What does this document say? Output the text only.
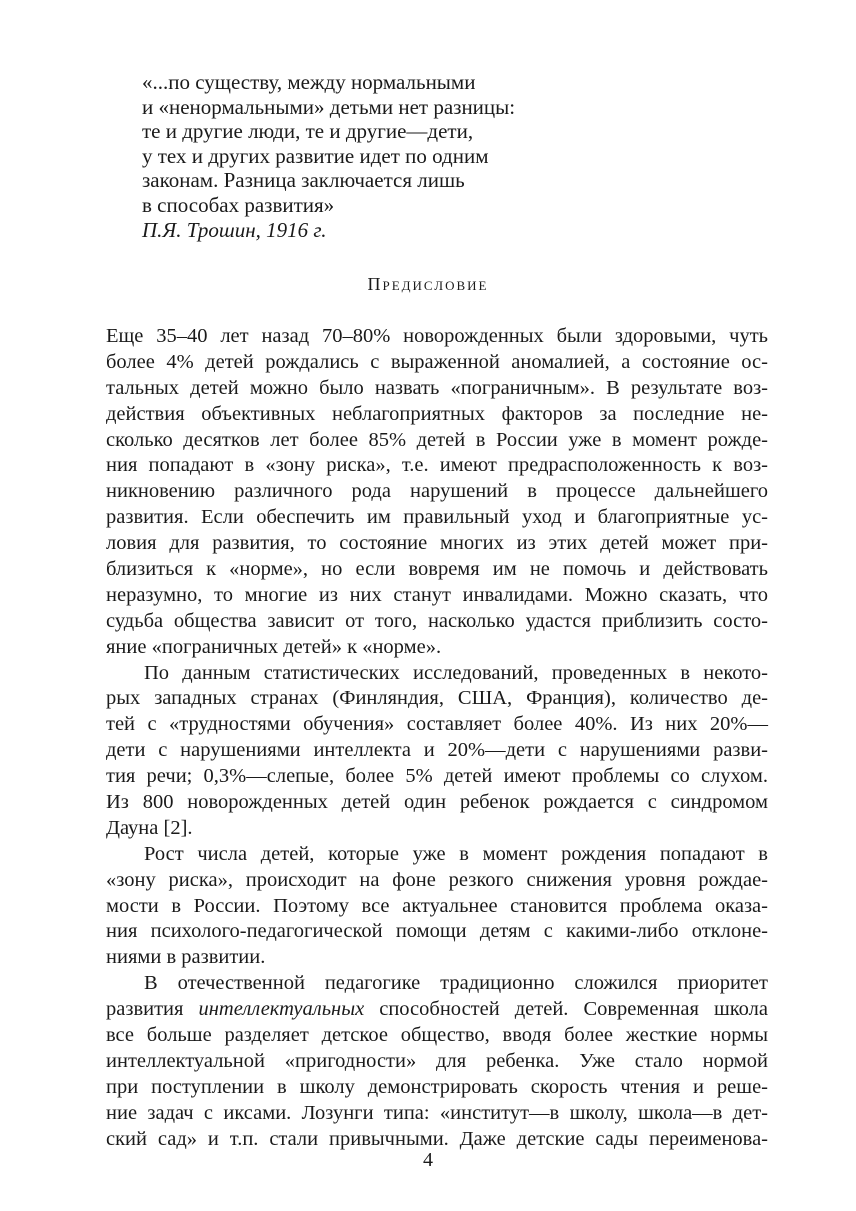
«...по существу, между нормальными
и «ненормальными» детьми нет разницы:
те и другие люди, те и другие—дети,
у тех и других развитие идет по одним
законам. Разница заключается лишь
в способах развития»
П.Я. Трошин, 1916 г.
Предисловие
Еще 35–40 лет назад 70–80% новорожденных были здоровыми, чуть
более 4% детей рождались с выраженной аномалией, а состояние ос-
тальных детей можно было назвать «пограничным». В результате воз-
действия объективных неблагоприятных факторов за последние не-
сколько десятков лет более 85% детей в России уже в момент рожде-
ния попадают в «зону риска», т.е. имеют предрасположенность к воз-
никновению различного рода нарушений в процессе дальнейшего
развития. Если обеспечить им правильный уход и благоприятные ус-
ловия для развития, то состояние многих из этих детей может при-
близиться к «норме», но если вовремя им не помочь и действовать
неразумно, то многие из них станут инвалидами. Можно сказать, что
судьба общества зависит от того, насколько удастся приблизить состо-
яние «пограничных детей» к «норме».
По данным статистических исследований, проведенных в некото-
рых западных странах (Финляндия, США, Франция), количество де-
тей с «трудностями обучения» составляет более 40%. Из них 20%—
дети с нарушениями интеллекта и 20%—дети с нарушениями разви-
тия речи; 0,3%—слепые, более 5% детей имеют проблемы со слухом.
Из 800 новорожденных детей один ребенок рождается с синдромом
Дауна [2].
Рост числа детей, которые уже в момент рождения попадают в
«зону риска», происходит на фоне резкого снижения уровня рождае-
мости в России. Поэтому все актуальнее становится проблема оказа-
ния психолого-педагогической помощи детям с какими-либо отклоне-
ниями в развитии.
В отечественной педагогике традиционно сложился приоритет
развития интеллектуальных способностей детей. Современная школа
все больше разделяет детское общество, вводя более жесткие нормы
интеллектуальной «пригодности» для ребенка. Уже стало нормой
при поступлении в школу демонстрировать скорость чтения и реше-
ние задач с иксами. Лозунги типа: «институт—в школу, школа—в дет-
ский сад» и т.п. стали привычными. Даже детские сады переименова-
4
